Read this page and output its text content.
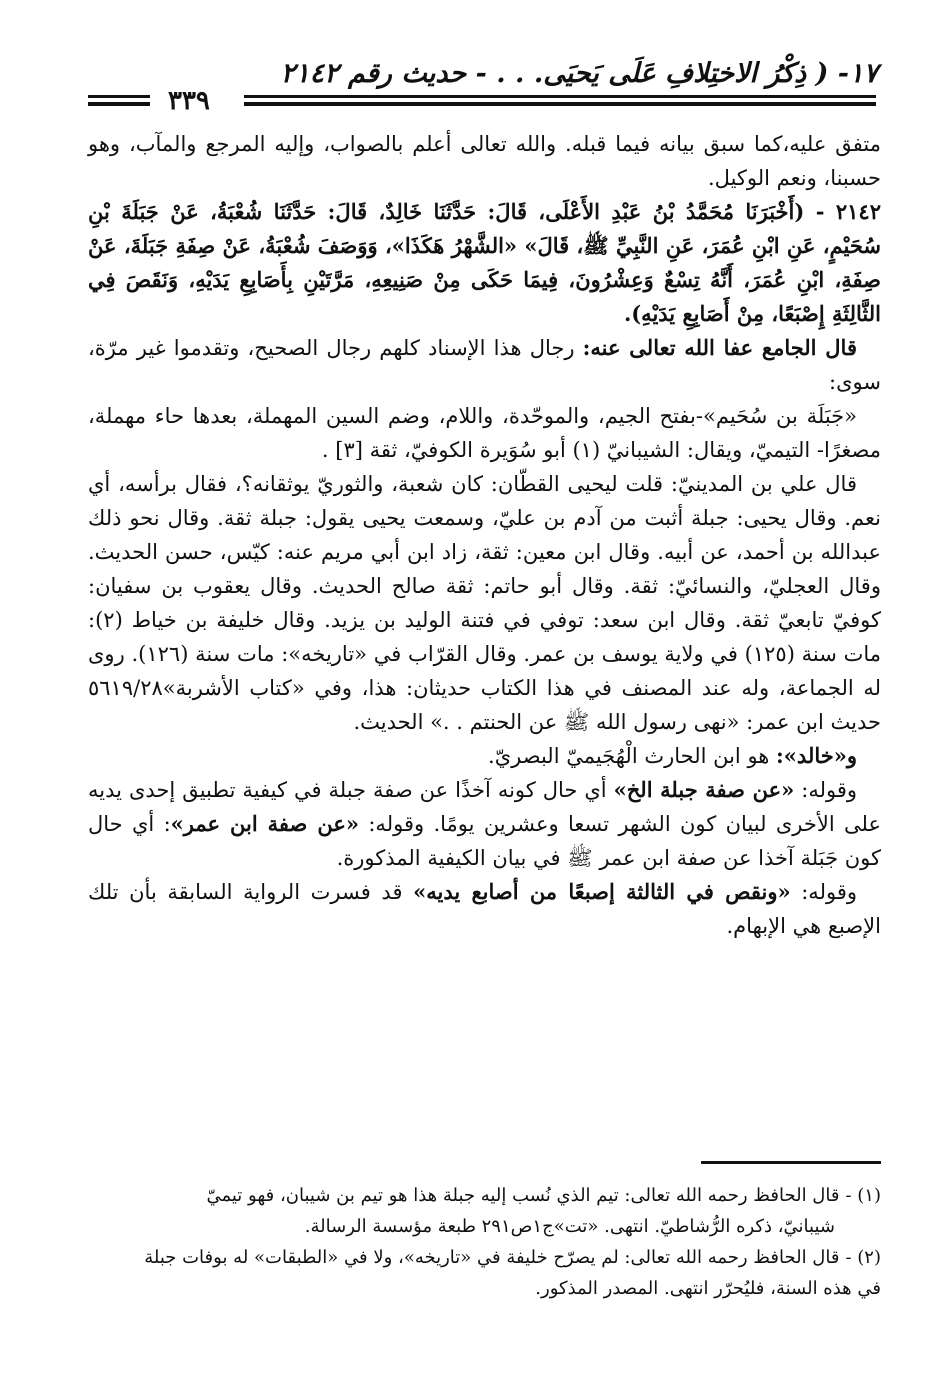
١٧- ( ذِكْرُ الاختِلافِ عَلَى يَحيَى. . . - حديث رقم ٢١٤٢
٣٣٩

متفق عليه،كما سبق بيانه فيما قبله. والله تعالى أعلم بالصواب، وإليه المرجع والمآب، وهو حسبنا، ونعم الوكيل.

٢١٤٢ - (أَخْبَرَنَا مُحَمَّدُ بْنُ عَبْدِ الأَعْلَى، قَالَ: حَدَّثَنَا خَالِدٌ، قَالَ: حَدَّثَنَا شُعْبَةُ، عَنْ جَبَلَةَ بْنِ سُحَيْمٍ، عَنِ ابْنِ عُمَرَ، عَنِ النَّبِيِّ ﷺ، قَالَ» «الشَّهْرُ هَكَذَا»، وَوَصَفَ شُعْبَةُ، عَنْ صِفَةِ جَبَلَةَ، عَنْ صِفَةِ، ابْنِ عُمَرَ، أَنَّهُ تِسْعٌ وَعِشْرُونَ، فِيمَا حَكَى مِنْ صَنِيعِهِ، مَرَّتَيْنِ بِأَصَابِعِ يَدَيْهِ، وَنَقَصَ فِي الثَّالِثَةِ إِصْبَعًا، مِنْ أَصَابِعِ يَدَيْهِ).

قال الجامع عفا الله تعالى عنه: رجال هذا الإسناد كلهم رجال الصحيح، وتقدموا غير مرّة، سوى:

«جَبَلَة بن سُحَيم»-بفتح الجيم، والموحّدة، واللام، وضم السين المهملة، بعدها حاء مهملة، مصغرًا- التيميّ، ويقال: الشيبانيّ (١) أبو سُوَيرة الكوفيّ، ثقة [٣] .

قال علي بن المدينيّ: قلت ليحيى القطّان: كان شعبة، والثوريّ يوثقانه؟، فقال برأسه، أي نعم. وقال يحيى: جبلة أثبت من آدم بن عليّ، وسمعت يحيى يقول: جبلة ثقة. وقال نحو ذلك عبدالله بن أحمد، عن أبيه. وقال ابن معين: ثقة، زاد ابن أبي مريم عنه: كيّس، حسن الحديث. وقال العجليّ، والنسائيّ: ثقة. وقال أبو حاتم: ثقة صالح الحديث. وقال يعقوب بن سفيان: كوفيّ تابعيّ ثقة. وقال ابن سعد: توفي في فتنة الوليد بن يزيد. وقال خليفة بن خياط (٢): مات سنة (١٢٥) في ولاية يوسف بن عمر. وقال القرّاب في «تاريخه»: مات سنة (١٢٦). روى له الجماعة، وله عند المصنف في هذا الكتاب حديثان: هذا، وفي «كتاب الأشربة»٥٦١٩/٢٨ حديث ابن عمر: «نهى رسول الله ﷺ عن الحنتم . .» الحديث.

و«خالد»: هو ابن الحارث الْهُجَيميّ البصريّ.

وقوله: «عن صفة جبلة الخ» أي حال كونه آخذًا عن صفة جبلة في كيفية تطبيق إحدى يديه على الأخرى لبيان كون الشهر تسعا وعشرين يومًا. وقوله: «عن صفة ابن عمر»: أي حال كون جَبَلة آخذا عن صفة ابن عمر ﷺ في بيان الكيفية المذكورة.

وقوله: «ونقص في الثالثة إصبعًا من أصابع يديه» قد فسرت الرواية السابقة بأن تلك الإصبع هي الإبهام.

(١) -قال الحافظ رحمه الله تعالى: تيم الذي نُسب إليه جبلة هذا هو تيم بن شيبان، فهو تيميّ

شيبانيّ، ذكره الرُّشاطيّ. انتهى. «تت»ج١ص٢٩١ طبعة مؤسسة الرسالة.

(٢) -قال الحافظ رحمه الله تعالى: لم يصرّح خليفة في «تاريخه»، ولا في «الطبقات» له بوفات جبلة

في هذه السنة، فليُحرّر انتهى. المصدر المذكور.
